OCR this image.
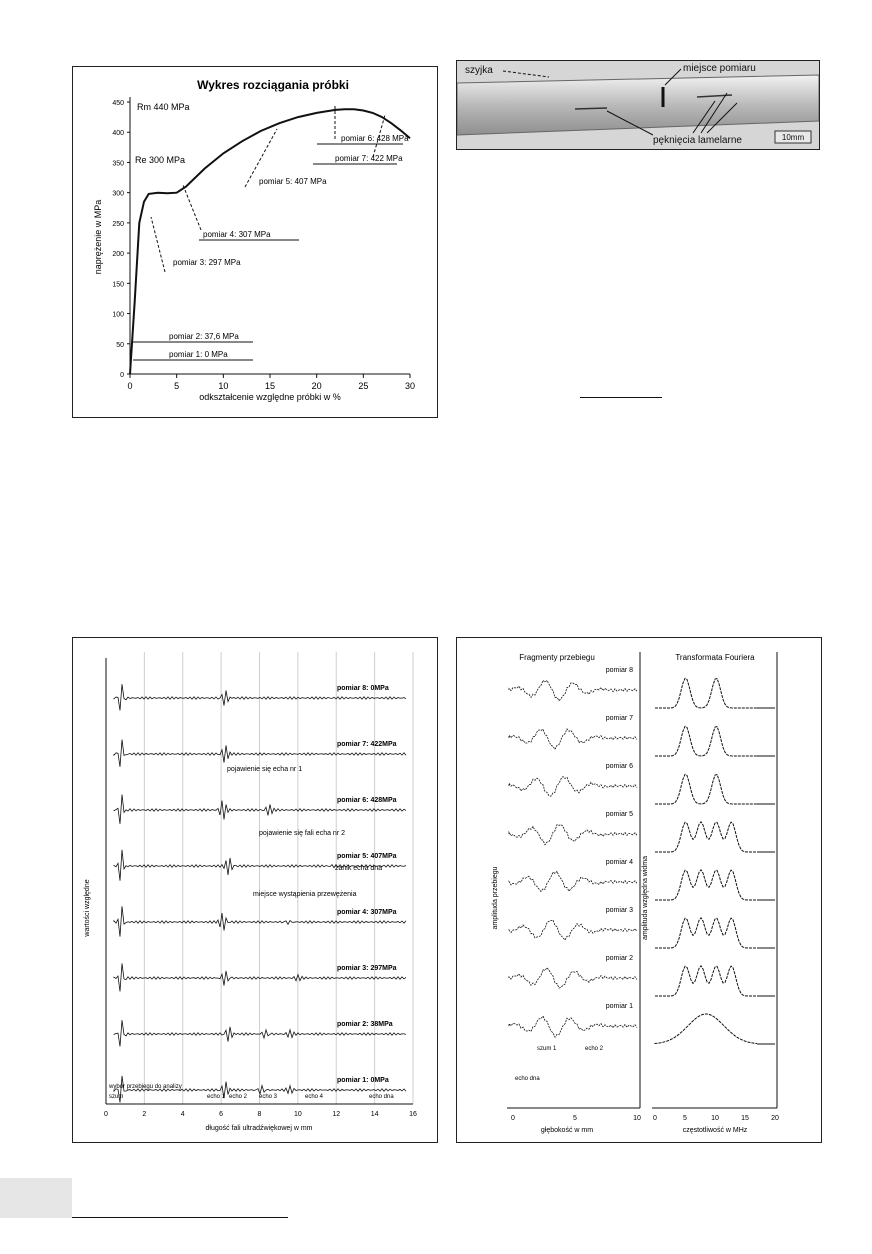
Wykres rozciągania próbki
0	5	10	15	20	25	30
0
50
100
150
200
250
300
350
400
450
odkształcenie względne próbki w %
naprężenie w MPa
Rm 440 MPa
Re 300 MPa
pomiar 1: 0 MPa
pomiar 2: 37,6 MPa
pomiar 3: 297 MPa
pomiar 4: 307 MPa
pomiar 5: 407 MPa
pomiar 6: 428 MPa
pomiar 7: 422 MPa
szyjka	miejsce pomiaru
pęknięcia lamelarne	10mm
pomiar 8: 0MPa
pomiar 7: 422MPa
pomiar 6: 428MPa
pomiar 5: 407MPa
pomiar 4: 307MPa
pomiar 3: 297MPa
pomiar 2: 38MPa
pomiar 1: 0MPa
0	2	4	6	8	10	12	14	16
długość fali ultradźwiękowej w mm
wartości względne
pojawienie się echa nr 1
pojawienie się fali echa nr 2
miejsce wystąpienia przewężenia
zanik echa dna
wybór przebiegu do analizy
szum	echo 1 echo 2 echo 3	echo 4	echo dna
Fragmenty przebiegu	Transformata Fouriera
pomiar 8
pomiar 7
pomiar 6
pomiar 5
pomiar 4
pomiar 3
pomiar 2
pomiar 1
0	5	10 0	5	10	15	20
amplituda przebiegu	amplituda względna widma
głębokość w mm	częstotliwość w MHz
szum 1	echo 2
echo dna
